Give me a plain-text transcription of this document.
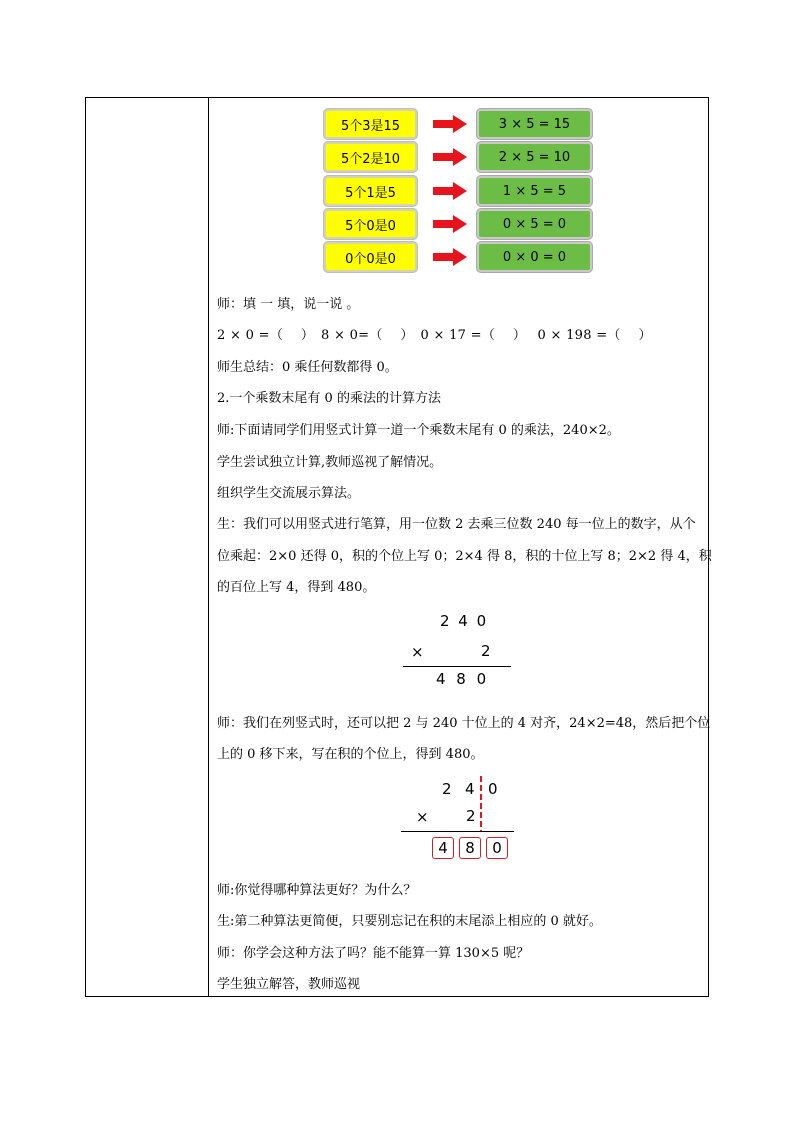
5个3是15	3 × 5 = 15
5个2是10	2 × 5 = 10
5个1是5	1 × 5 = 5
5个0是0	0 × 5 = 0
0个0是0	0 × 0 = 0
师：填 一 填，说一说 。
2 × 0 =（　 ）　8 × 0=（　 ）　0 × 17 =（　 ）　 0 × 198 =（　 ）
师生总结：0 乘任何数都得 0。
2.一个乘数末尾有 0 的乘法的计算方法
师:下面请同学们用竖式计算一道一个乘数末尾有 0 的乘法，240×2。
学生尝试独立计算,教师巡视了解情况。
组织学生交流展示算法。
生：我们可以用竖式进行笔算，用一位数 2 去乘三位数 240 每一位上的数字，从个
位乘起：2×0 还得 0，积的个位上写 0；2×4 得 8，积的十位上写 8；2×2 得 4，积
的百位上写 4，得到 480。
2 4 0
×	2
4 8 0
师：我们在列竖式时，还可以把 2 与 240 十位上的 4 对齐，24×2=48，然后把个位
上的 0 移下来，写在积的个位上，得到 480。
2 4 0
× 2
4	8	0
师:你觉得哪种算法更好？为什么？
生:第二种算法更简便，只要别忘记在积的末尾添上相应的 0 就好。
师：你学会这种方法了吗？能不能算一算 130×5 呢？
学生独立解答，教师巡视
